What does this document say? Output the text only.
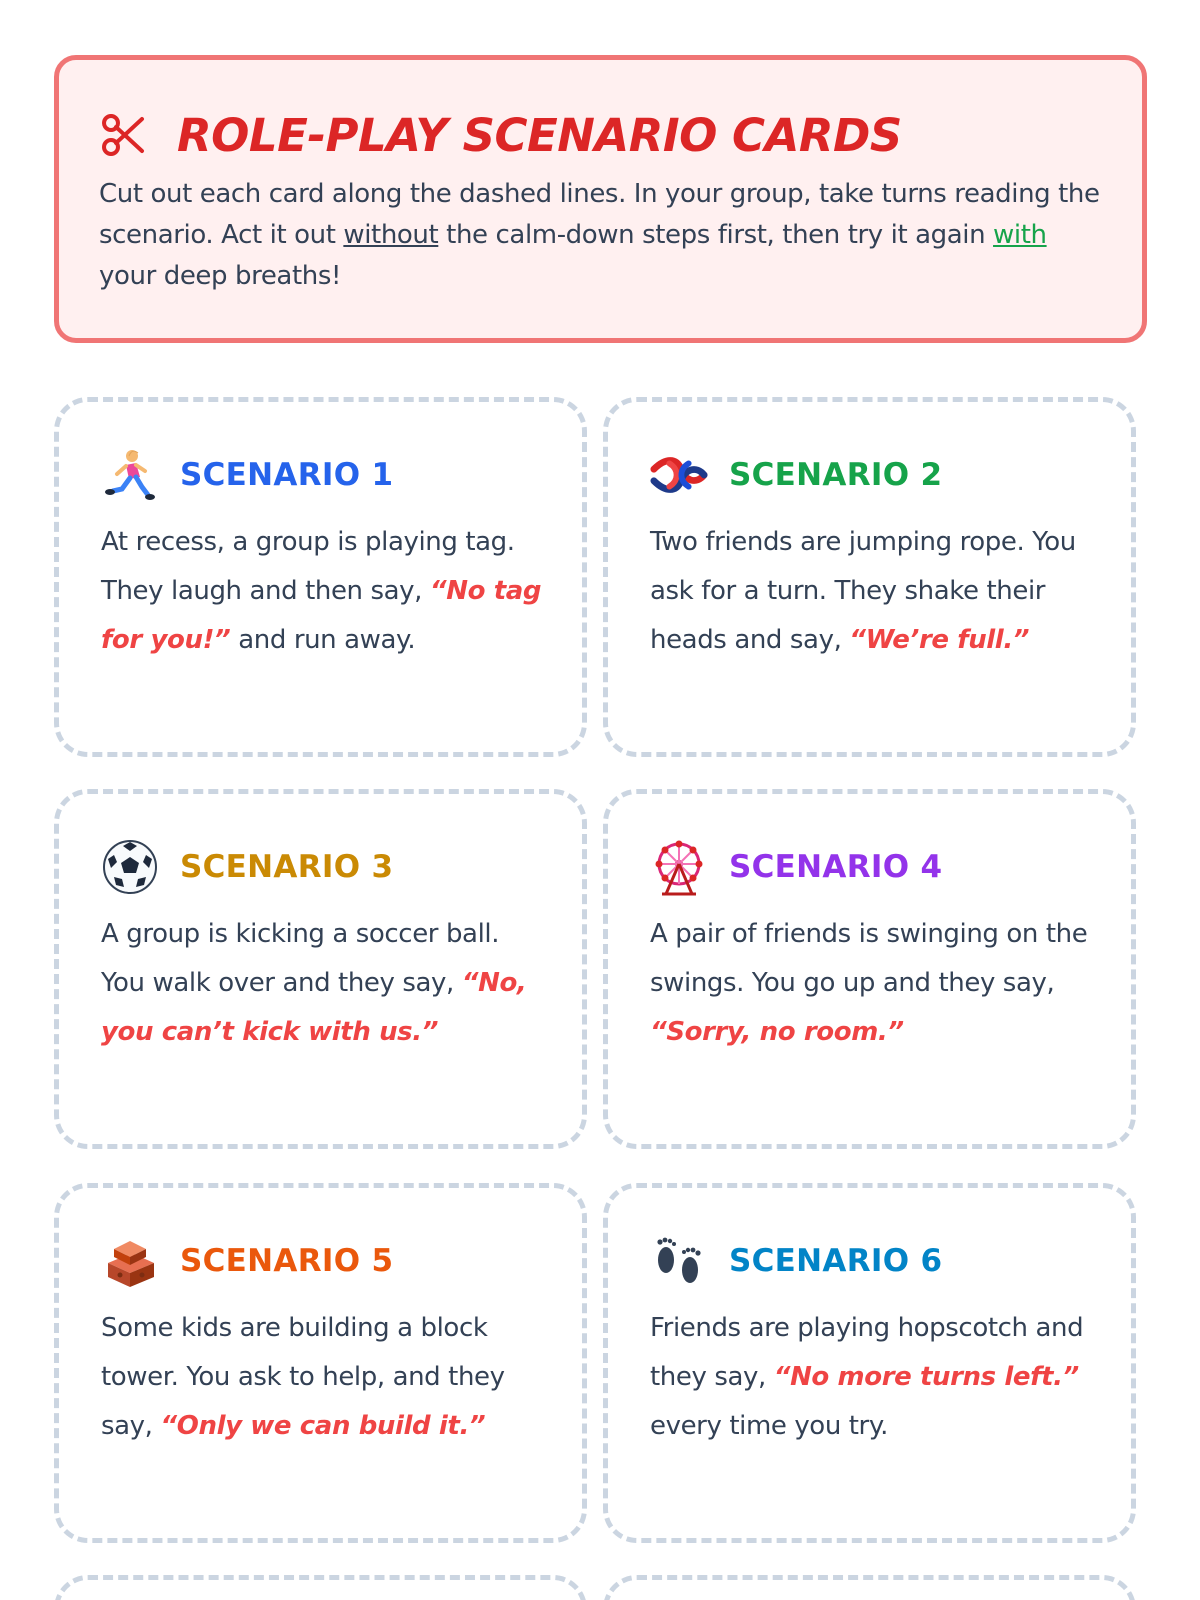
ROLE-PLAY SCENARIO CARDS

Cut out each card along the dashed lines. In your group, take turns reading the scenario. Act it out without the calm-down steps first, then try it again with your deep breaths!

SCENARIO 1

At recess, a group is playing tag. They laugh and then say, “No tag for you!” and run away.

SCENARIO 2

Two friends are jumping rope. You ask for a turn. They shake their heads and say, “We’re full.”

SCENARIO 3

A group is kicking a soccer ball. You walk over and they say, “No, you can’t kick with us.”

SCENARIO 4

A pair of friends is swinging on the swings. You go up and they say, “Sorry, no room.”

SCENARIO 5

Some kids are building a block tower. You ask to help, and they say, “Only we can build it.”

SCENARIO 6

Friends are playing hopscotch and they say, “No more turns left.” every time you try.
